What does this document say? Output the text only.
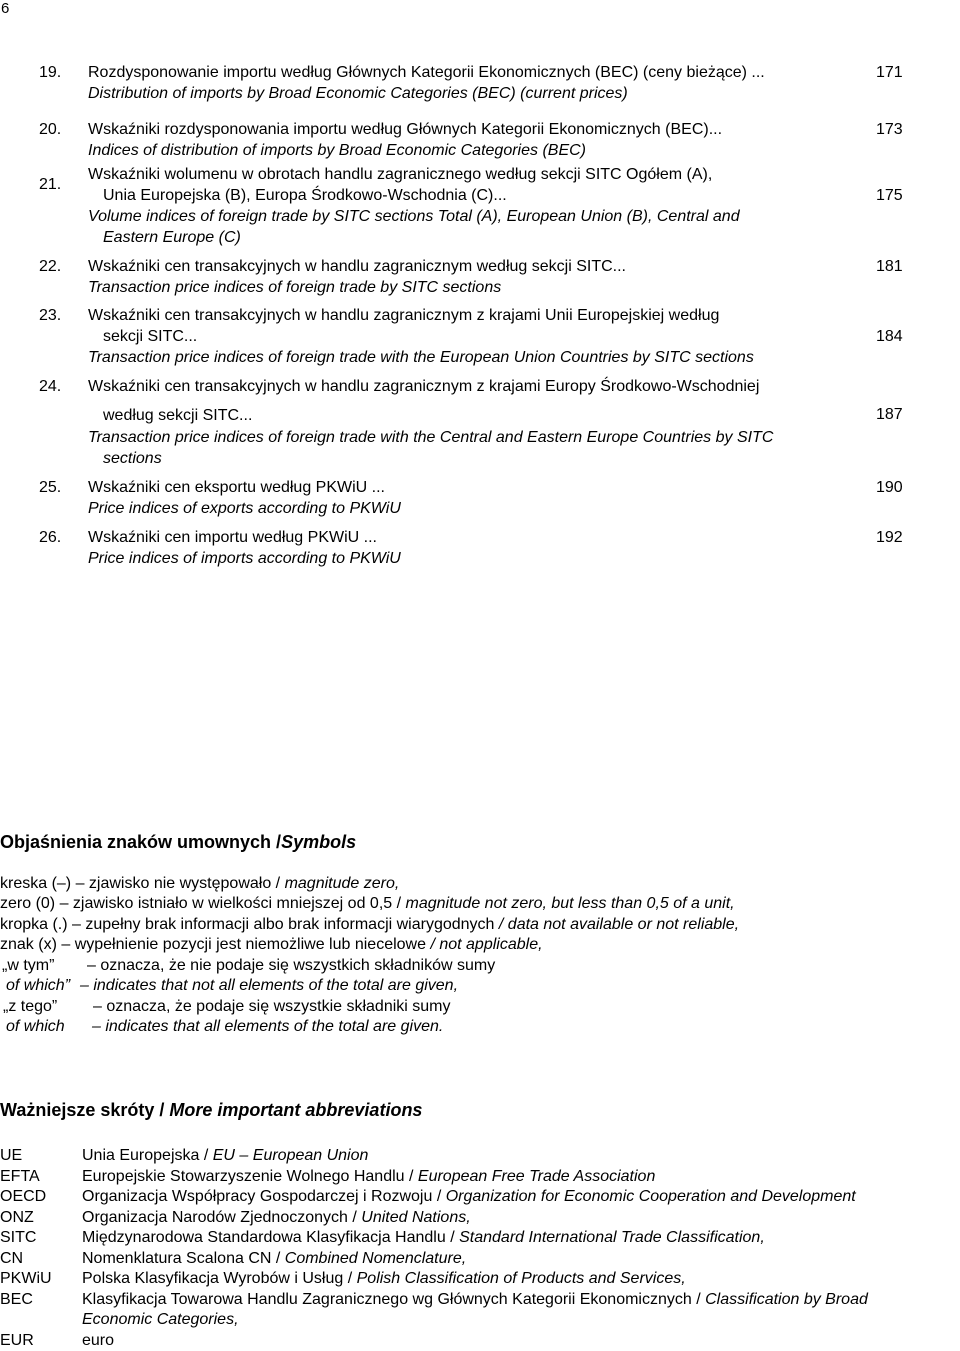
6
19. Rozdysponowanie importu według Głównych Kategorii Ekonomicznych (BEC) (ceny bieżące) ...
Distribution of imports by Broad Economic Categories (BEC) (current prices)
171
20. Wskaźniki rozdysponowania importu według Głównych Kategorii Ekonomicznych (BEC)...
Indices of distribution of imports by Broad Economic Categories (BEC)
173
21.
Wskaźniki wolumenu w obrotach handlu zagranicznego według sekcji SITC Ogółem (A),
Unia Europejska (B), Europa Środkowo-Wschodnia (C)...
Volume indices of foreign trade by SITC sections Total (A), European Union (B), Central and
Eastern Europe (C)
175
22. Wskaźniki cen transakcyjnych w handlu zagranicznym według sekcji SITC...
Transaction price indices of foreign trade by SITC sections
181
23. Wskaźniki cen transakcyjnych w handlu zagranicznym z krajami Unii Europejskiej według
sekcji SITC...
Transaction price indices of foreign trade with the European Union Countries by SITC sections
184
24. Wskaźniki cen transakcyjnych w handlu zagranicznym z krajami Europy Środkowo-Wschodniej
według sekcji SITC...
Transaction price indices of foreign trade with the Central and Eastern Europe Countries by SITC
sections
187
25. Wskaźniki cen eksportu według PKWiU ...
Price indices of exports according to PKWiU
190
26. Wskaźniki cen importu według PKWiU ...
Price indices of imports according to PKWiU
192
Objaśnienia znaków umownych /Symbols
kreska (–) – zjawisko nie występowało / magnitude zero,
zero (0) – zjawisko istniało w wielkości mniejszej od 0,5 / magnitude not zero, but less than 0,5 of a unit,
kropka (.) – zupełny brak informacji albo brak informacji wiarygodnych / data not available or not reliable,
znak (x) – wypełnienie pozycji jest niemożliwe lub niecelowe / not applicable,
„w tym” – oznacza, że nie podaje się wszystkich składników sumy
of which” – indicates that not all elements of the total are given,
„z tego” – oznacza, że podaje się wszystkie składniki sumy
of which – indicates that all elements of the total are given.
Ważniejsze skróty / More important abbreviations
UE	Unia Europejska / EU – European Union
EFTA	Europejskie Stowarzyszenie Wolnego Handlu / European Free Trade Association
OECD Organizacja Współpracy Gospodarczej i Rozwoju / Organization for Economic Cooperation and Development
ONZ	Organizacja Narodów Zjednoczonych / United Nations,
SITC	Międzynarodowa Standardowa Klasyfikacja Handlu / Standard International Trade Classification,
CN	Nomenklatura Scalona CN / Combined Nomenclature,
PKWiU Polska Klasyfikacja Wyrobów i Usług / Polish Classification of Products and Services,
BEC	Klasyfikacja Towarowa Handlu Zagranicznego wg Głównych Kategorii Ekonomicznych / Classification by Broad
Economic Categories,
EUR	euro
